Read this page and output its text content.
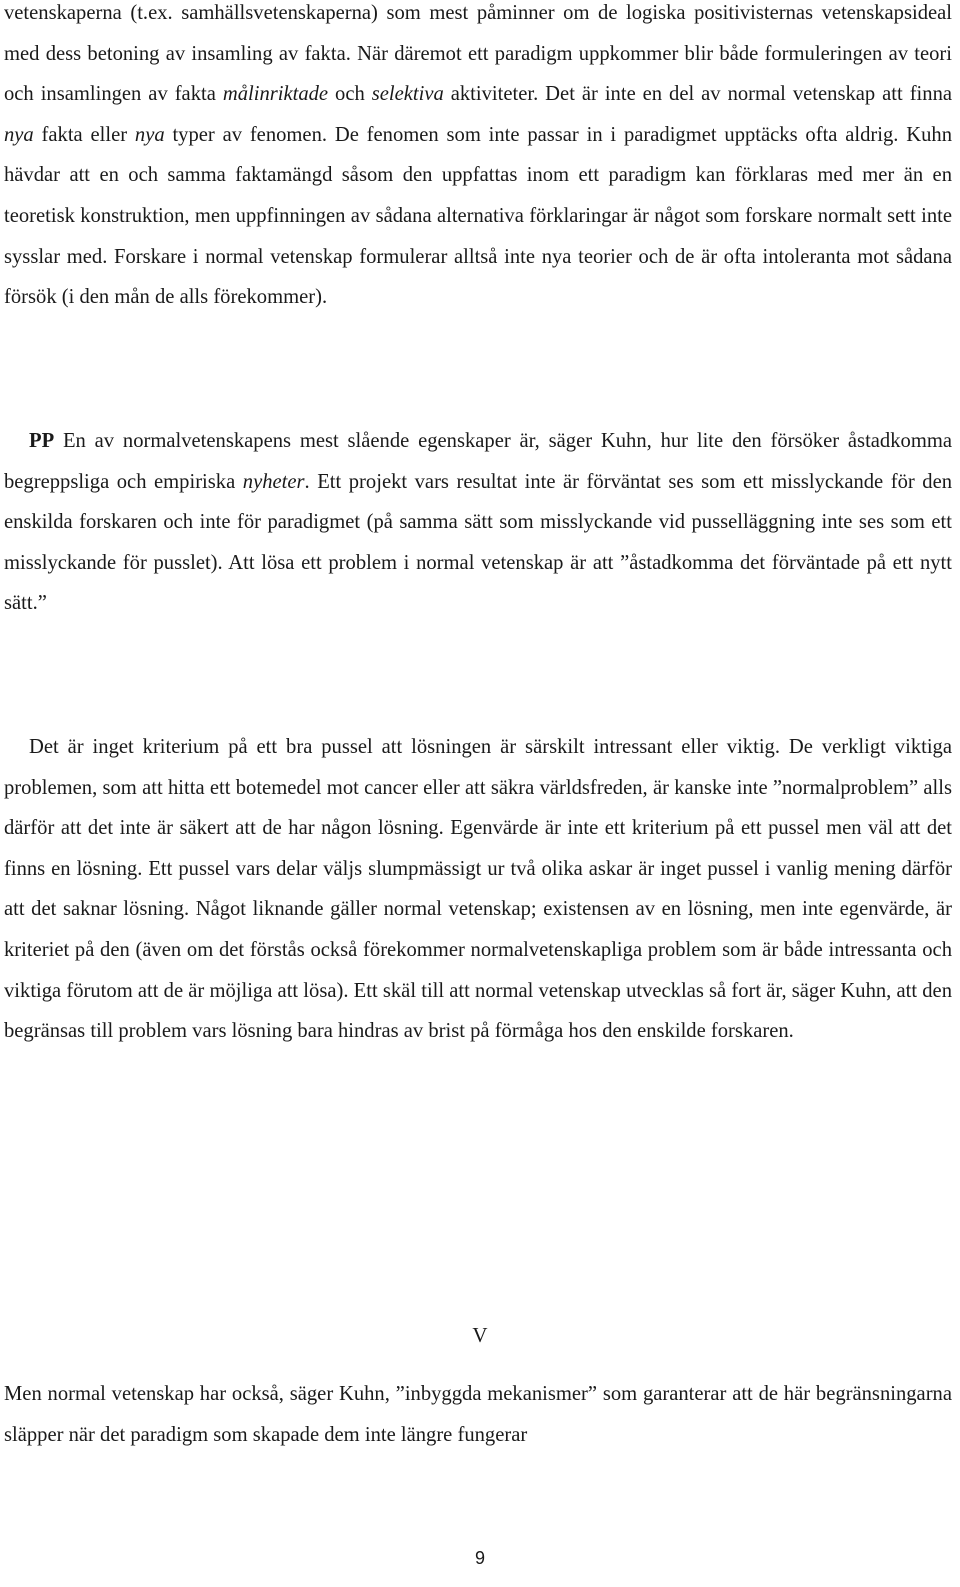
vetenskaperna (t.ex. samhällsvetenskaperna) som mest påminner om de logiska positivisternas vetenskapsideal med dess betoning av insamling av fakta. När däremot ett paradigm uppkommer blir både formuleringen av teori och insamlingen av fakta målinriktade och selektiva aktiviteter. Det är inte en del av normal vetenskap att finna nya fakta eller nya typer av fenomen. De fenomen som inte passar in i paradigmet upptäcks ofta aldrig. Kuhn hävdar att en och samma faktamängd såsom den uppfattas inom ett paradigm kan förklaras med mer än en teoretisk konstruktion, men uppfinningen av sådana alternativa förklaringar är något som forskare normalt sett inte sysslar med. Forskare i normal vetenskap formulerar alltså inte nya teorier och de är ofta intoleranta mot sådana försök (i den mån de alls förekommer).

PP En av normalvetenskapens mest slående egenskaper är, säger Kuhn, hur lite den försöker åstadkomma begreppsliga och empiriska nyheter. Ett projekt vars resultat inte är förväntat ses som ett misslyckande för den enskilda forskaren och inte för paradigmet (på samma sätt som misslyckande vid pusselläggning inte ses som ett misslyckande för pusslet). Att lösa ett problem i normal vetenskap är att ”åstadkomma det förväntade på ett nytt sätt.”

Det är inget kriterium på ett bra pussel att lösningen är särskilt intressant eller viktig. De verkligt viktiga problemen, som att hitta ett botemedel mot cancer eller att säkra världsfreden, är kanske inte ”normalproblem” alls därför att det inte är säkert att de har någon lösning. Egenvärde är inte ett kriterium på ett pussel men väl att det finns en lösning. Ett pussel vars delar väljs slumpmässigt ur två olika askar är inget pussel i vanlig mening därför att det saknar lösning. Något liknande gäller normal vetenskap; existensen av en lösning, men inte egenvärde, är kriteriet på den (även om det förstås också förekommer normalvetenskapliga problem som är både intressanta och viktiga förutom att de är möjliga att lösa). Ett skäl till att normal vetenskap utvecklas så fort är, säger Kuhn, att den begränsas till problem vars lösning bara hindras av brist på förmåga hos den enskilde forskaren.

V

Men normal vetenskap har också, säger Kuhn, ”inbyggda mekanismer” som garanterar att de här begränsningarna släpper när det paradigm som skapade dem inte längre fungerar

9
